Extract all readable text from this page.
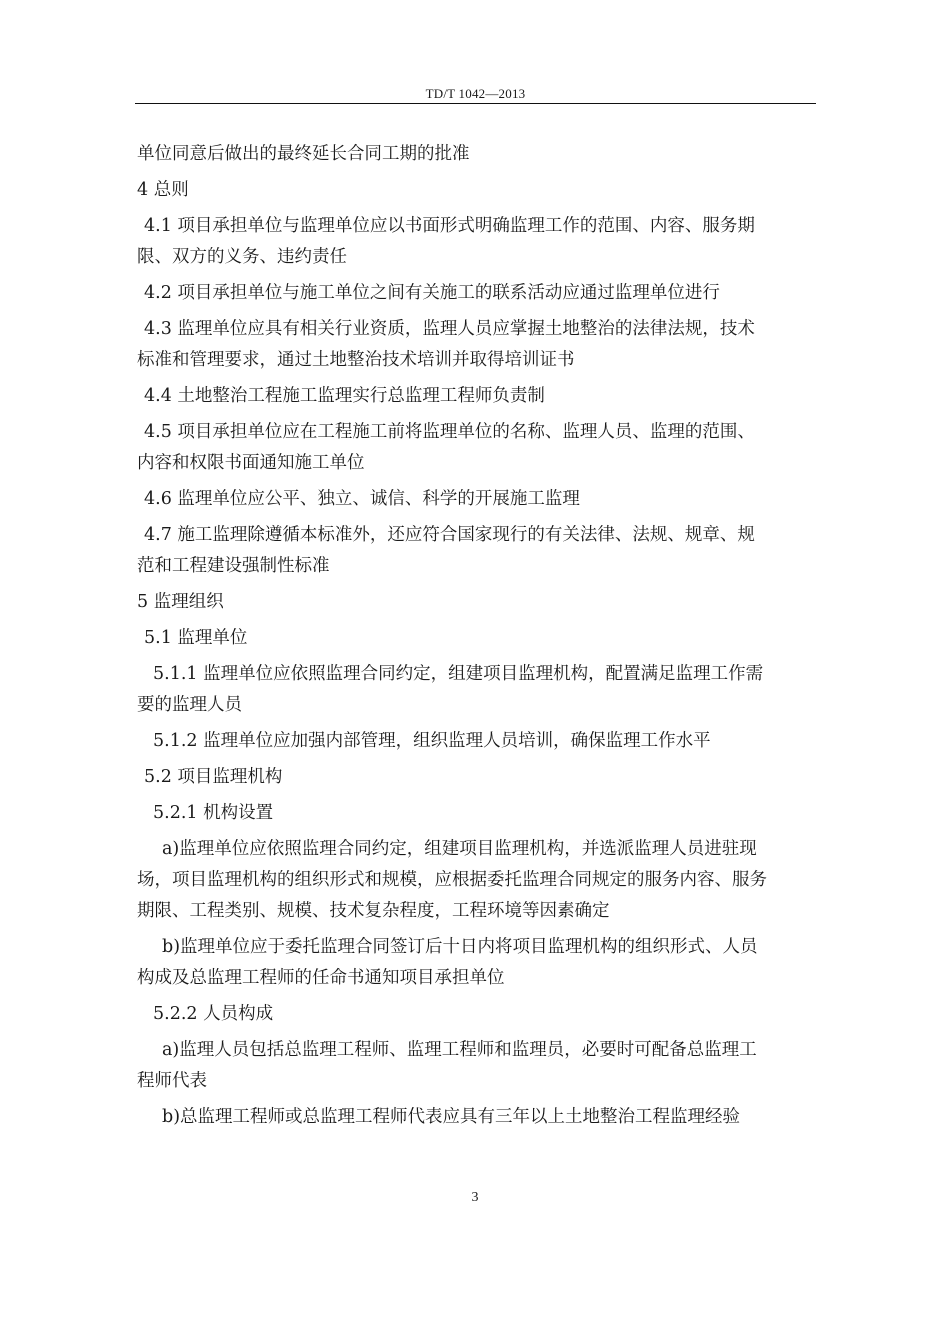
TD/T 1042—2013
单位同意后做出的最终延长合同工期的批准
4 总则
4.1 项目承担单位与监理单位应以书面形式明确监理工作的范围、内容、服务期
限、双方的义务、违约责任
4.2 项目承担单位与施工单位之间有关施工的联系活动应通过监理单位进行
4.3 监理单位应具有相关行业资质，监理人员应掌握土地整治的法律法规，技术
标准和管理要求，通过土地整治技术培训并取得培训证书
4.4 土地整治工程施工监理实行总监理工程师负责制
4.5 项目承担单位应在工程施工前将监理单位的名称、监理人员、监理的范围、
内容和权限书面通知施工单位
4.6 监理单位应公平、独立、诚信、科学的开展施工监理
4.7 施工监理除遵循本标准外，还应符合国家现行的有关法律、法规、规章、规
范和工程建设强制性标准
5 监理组织
5.1 监理单位
5.1.1 监理单位应依照监理合同约定，组建项目监理机构，配置满足监理工作需
要的监理人员
5.1.2 监理单位应加强内部管理，组织监理人员培训，确保监理工作水平
5.2 项目监理机构
5.2.1 机构设置
a)监理单位应依照监理合同约定，组建项目监理机构，并选派监理人员进驻现
场，项目监理机构的组织形式和规模，应根据委托监理合同规定的服务内容、服务
期限、工程类别、规模、技术复杂程度，工程环境等因素确定
b)监理单位应于委托监理合同签订后十日内将项目监理机构的组织形式、人员
构成及总监理工程师的任命书通知项目承担单位
5.2.2 人员构成
a)监理人员包括总监理工程师、监理工程师和监理员，必要时可配备总监理工
程师代表
b)总监理工程师或总监理工程师代表应具有三年以上土地整治工程监理经验
3
